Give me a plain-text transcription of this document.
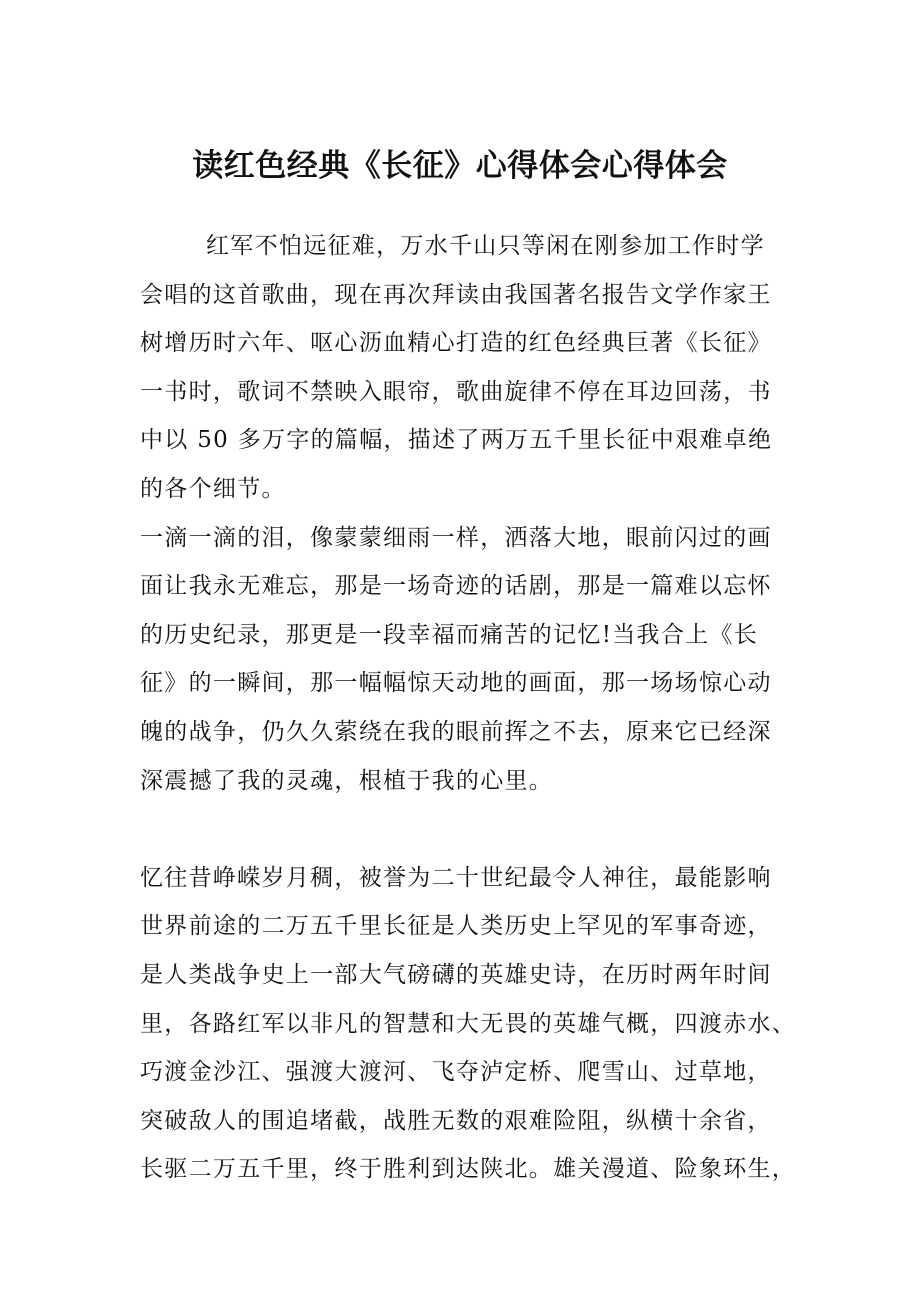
读红色经典《长征》心得体会心得体会
红军不怕远征难，万水千山只等闲在刚参加工作时学
会唱的这首歌曲，现在再次拜读由我国著名报告文学作家王
树增历时六年、呕心沥血精心打造的红色经典巨著《长征》
一书时，歌词不禁映入眼帘，歌曲旋律不停在耳边回荡，书
中以 50 多万字的篇幅，描述了两万五千里长征中艰难卓绝
的各个细节。
一滴一滴的泪，像蒙蒙细雨一样，洒落大地，眼前闪过的画
面让我永无难忘，那是一场奇迹的话剧，那是一篇难以忘怀
的历史纪录，那更是一段幸福而痛苦的记忆!当我合上《长
征》的一瞬间，那一幅幅惊天动地的画面，那一场场惊心动
魄的战争，仍久久萦绕在我的眼前挥之不去，原来它已经深
深震撼了我的灵魂，根植于我的心里。
忆往昔峥嵘岁月稠，被誉为二十世纪最令人神往，最能影响
世界前途的二万五千里长征是人类历史上罕见的军事奇迹，
是人类战争史上一部大气磅礴的英雄史诗，在历时两年时间
里，各路红军以非凡的智慧和大无畏的英雄气概，四渡赤水、
巧渡金沙江、强渡大渡河、飞夺泸定桥、爬雪山、过草地，
突破敌人的围追堵截，战胜无数的艰难险阻，纵横十余省，
长驱二万五千里，终于胜利到达陕北。雄关漫道、险象环生，
